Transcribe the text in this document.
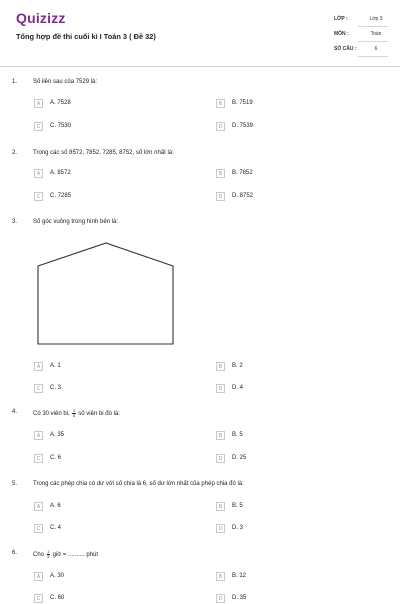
Quizizz
Tổng hợp đề thi cuối kì I Toán 3 ( Đề 32)
LỚP :	Lớp 3
MÔN :	Toán
SỐ CÂU :	6
1.	Số liền sau của 7529 là:
A	A. 7528	B	B. 7519
C	C. 7530	D	D. 7539
2.	Trong các số 8572, 7852, 7285, 8752, số lớn nhất là:
A	A. 8572	B	B. 7852
C	C. 7285	D	D. 8752
3.	Số góc vuông trong hình bên là:
A	A. 1	B	B. 2
C	C. 3	D	D. 4
4.	Có 30 viên bi, $\frac{1}{5}$ số viên bi đó là:
A	A. 35	B	B. 5
C	C. 6	D	D. 25
5.	Trong các phép chia có dư với số chia là 6, số dư lớn nhất của phép chia đó là:
A	A. 6	B	B. 5
C	C. 4	D	D. 3
6.	Cho $\frac{1}{5}$ giờ = .......... phút
A	A. 30	B	B. 12
C	C. 60	D	D. 35
